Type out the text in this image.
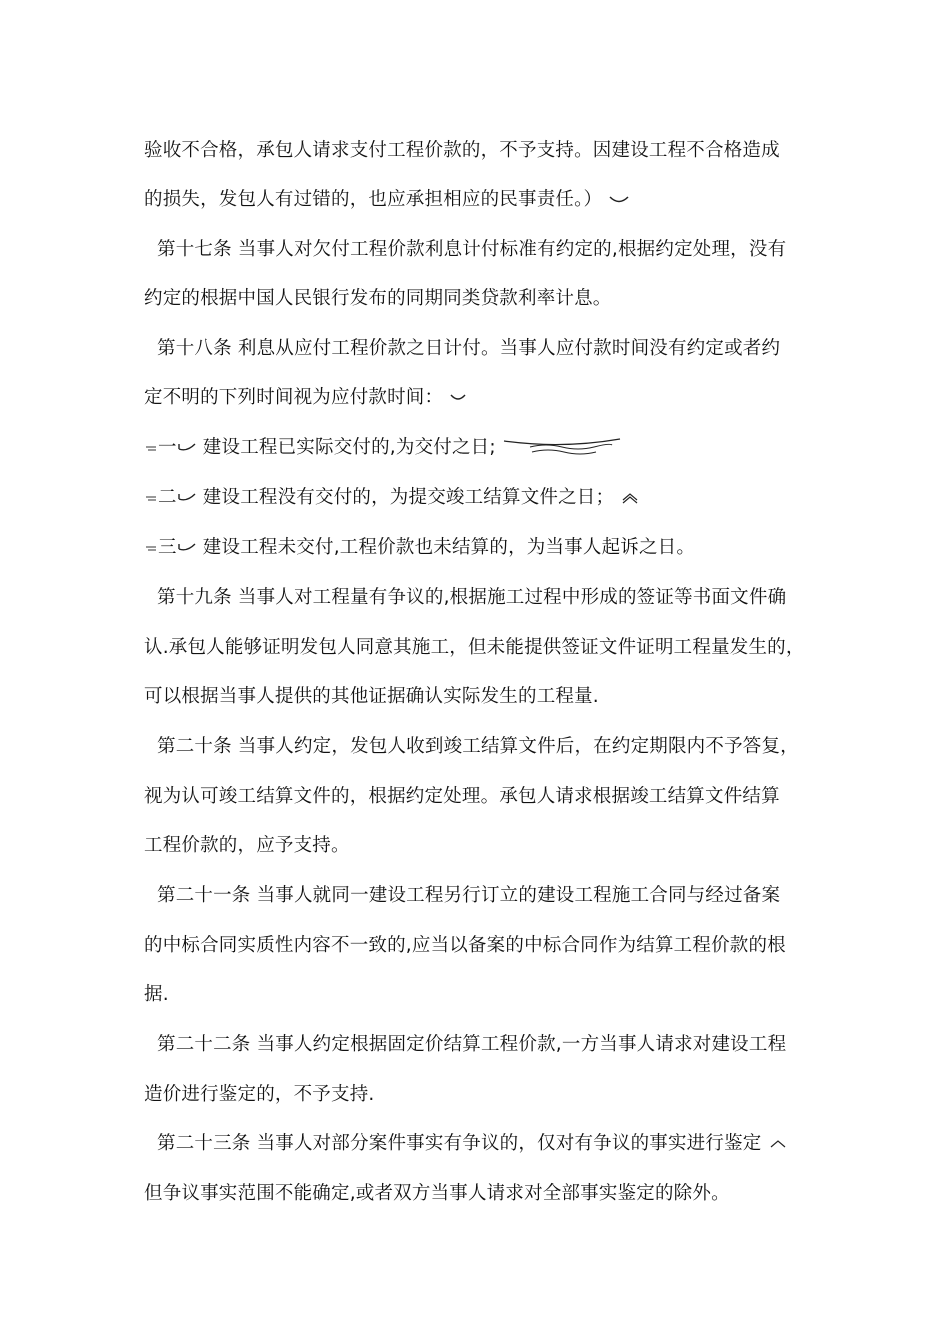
验收不合格，承包人请求支付工程价款的，不予支持。因建设工程不合格造成
的损失，发包人有过错的，也应承担相应的民事责任。）
第十七条 当事人对欠付工程价款利息计付标准有约定的,根据约定处理，没有
约定的根据中国人民银行发布的同期同类贷款利率计息。
第十八条 利息从应付工程价款之日计付。当事人应付款时间没有约定或者约
定不明的下列时间视为应付款时间：
一 建设工程已实际交付的,为交付之日;
二 建设工程没有交付的，为提交竣工结算文件之日；
三 建设工程未交付,工程价款也未结算的，为当事人起诉之日。
第十九条 当事人对工程量有争议的,根据施工过程中形成的签证等书面文件确
认.承包人能够证明发包人同意其施工，但未能提供签证文件证明工程量发生的，
可以根据当事人提供的其他证据确认实际发生的工程量.
第二十条 当事人约定，发包人收到竣工结算文件后，在约定期限内不予答复，
视为认可竣工结算文件的，根据约定处理。承包人请求根据竣工结算文件结算
工程价款的，应予支持。
第二十一条 当事人就同一建设工程另行订立的建设工程施工合同与经过备案
的中标合同实质性内容不一致的,应当以备案的中标合同作为结算工程价款的根
据.
第二十二条 当事人约定根据固定价结算工程价款,一方当事人请求对建设工程
造价进行鉴定的，不予支持.
第二十三条 当事人对部分案件事实有争议的，仅对有争议的事实进行鉴定
但争议事实范围不能确定,或者双方当事人请求对全部事实鉴定的除外。
